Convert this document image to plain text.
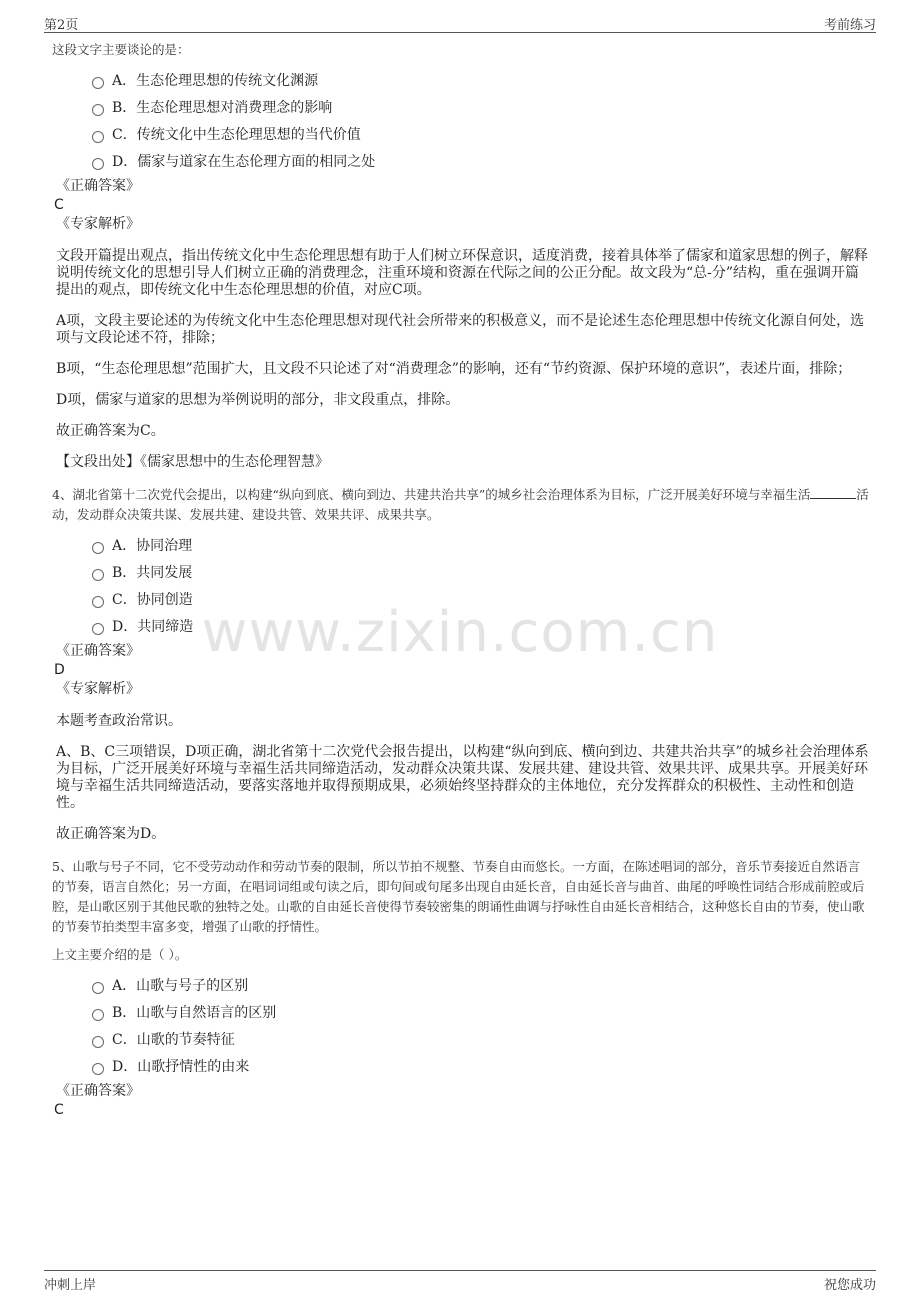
第2页	考前练习
www.zixin.com.cn

这段文字主要谈论的是：

A．生态伦理思想的传统文化渊源
B．生态伦理思想对消费理念的影响
C．传统文化中生态伦理思想的当代价值
D．儒家与道家在生态伦理方面的相同之处

《正确答案》

C

《专家解析》

文段开篇提出观点，指出传统文化中生态伦理思想有助于人们树立环保意识，适度消费，接着具体举了儒家和道家思想的例子，解释说明传统文化的思想引导人们树立正确的消费理念，注重环境和资源在代际之间的公正分配。故文段为“总-分”结构，重在强调开篇提出的观点，即传统文化中生态伦理思想的价值，对应C项。

A项，文段主要论述的为传统文化中生态伦理思想对现代社会所带来的积极意义，而不是论述生态伦理思想中传统文化源自何处，选项与文段论述不符，排除；

B项，“生态伦理思想”范围扩大，且文段不只论述了对“消费理念”的影响，还有“节约资源、保护环境的意识”，表述片面，排除；

D项，儒家与道家的思想为举例说明的部分，非文段重点，排除。

故正确答案为C。

【文段出处】《儒家思想中的生态伦理智慧》

4、湖北省第十二次党代会提出，以构建“纵向到底、横向到边、共建共治共享”的城乡社会治理体系为目标，广泛开展美好环境与幸福生活	活动，发动群众决策共谋、发展共建、建设共管、效果共评、成果共享。

A．协同治理
B．共同发展
C．协同创造
D．共同缔造

《正确答案》

D

《专家解析》

本题考查政治常识。

A、B、C三项错误，D项正确，湖北省第十二次党代会报告提出，以构建“纵向到底、横向到边、共建共治共享”的城乡社会治理体系为目标，广泛开展美好环境与幸福生活共同缔造活动，发动群众决策共谋、发展共建、建设共管、效果共评、成果共享。开展美好环境与幸福生活共同缔造活动，要落实落地并取得预期成果，必须始终坚持群众的主体地位，充分发挥群众的积极性、主动性和创造性。

故正确答案为D。

5、山歌与号子不同，它不受劳动动作和劳动节奏的限制，所以节拍不规整、节奏自由而悠长。一方面，在陈述唱词的部分，音乐节奏接近自然语言的节奏，语言自然化；另一方面，在唱词词组或句读之后，即句间或句尾多出现自由延长音，自由延长音与曲首、曲尾的呼唤性词结合形成前腔或后腔，是山歌区别于其他民歌的独特之处。山歌的自由延长音使得节奏较密集的朗诵性曲调与抒咏性自由延长音相结合，这种悠长自由的节奏，使山歌的节奏节拍类型丰富多变，增强了山歌的抒情性。

上文主要介绍的是（ ）。

A．山歌与号子的区别
B．山歌与自然语言的区别
C．山歌的节奏特征
D．山歌抒情性的由来

《正确答案》

C

冲刺上岸	祝您成功
